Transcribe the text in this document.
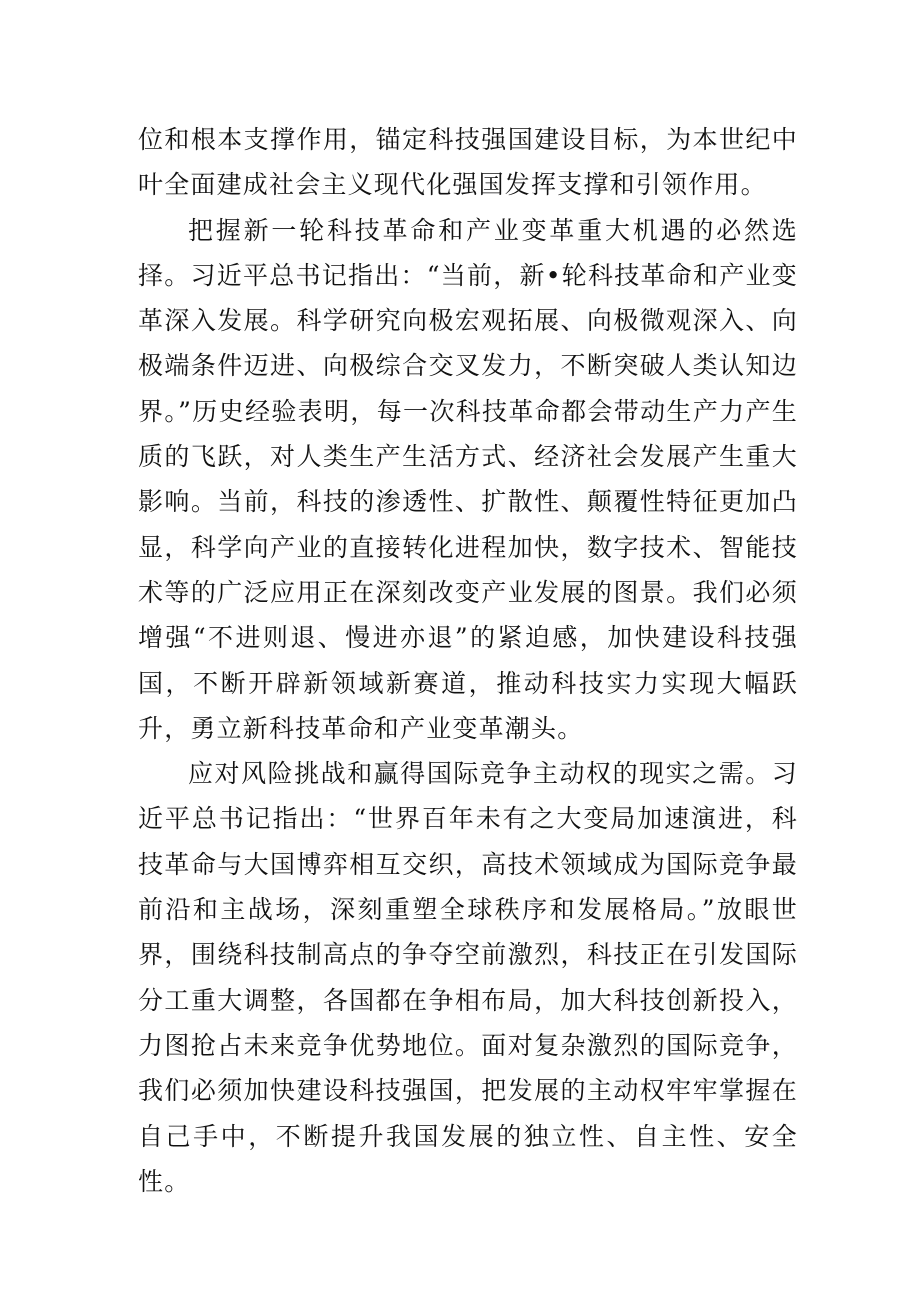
位和根本支撑作用，锚定科技强国建设目标，为本世纪中叶全面建成社会主义现代化强国发挥支撑和引领作用。

把握新一轮科技革命和产业变革重大机遇的必然选择。习近平总书记指出：“当前，新•轮科技革命和产业变革深入发展。科学研究向极宏观拓展、向极微观深入、向极端条件迈进、向极综合交叉发力，不断突破人类认知边界。”历史经验表明，每一次科技革命都会带动生产力产生质的飞跃，对人类生产生活方式、经济社会发展产生重大影响。当前，科技的渗透性、扩散性、颠覆性特征更加凸显，科学向产业的直接转化进程加快，数字技术、智能技术等的广泛应用正在深刻改变产业发展的图景。我们必须增强“不进则退、慢进亦退”的紧迫感，加快建设科技强国，不断开辟新领域新赛道，推动科技实力实现大幅跃升，勇立新科技革命和产业变革潮头。

应对风险挑战和赢得国际竞争主动权的现实之需。习近平总书记指出：“世界百年未有之大变局加速演进，科技革命与大国博弈相互交织，高技术领域成为国际竞争最前沿和主战场，深刻重塑全球秩序和发展格局。”放眼世界，围绕科技制高点的争夺空前激烈，科技正在引发国际分工重大调整，各国都在争相布局，加大科技创新投入，力图抢占未来竞争优势地位。面对复杂激烈的国际竞争，我们必须加快建设科技强国，把发展的主动权牢牢掌握在自己手中，不断提升我国发展的独立性、自主性、安全性。
